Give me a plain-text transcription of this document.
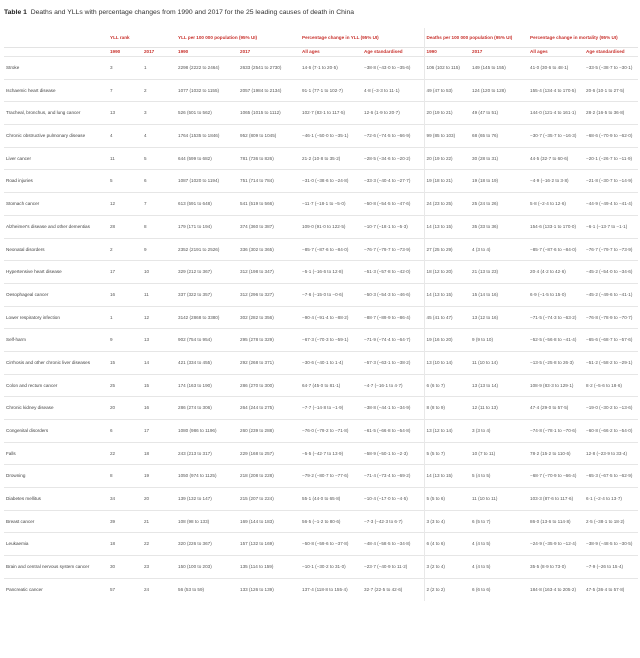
Table 1 Deaths and YLLs with percentage changes from 1990 and 2017 for the 25 leading causes of death in China
	YLL rank		YLL per 100 000 population (95% UI)		Percentage change in YLL (95% UI)		Deaths per 100 000 population (95% UI)		Percentage change in mortality (95% UI)	
	1990	2017	1990	2017	All ages	Age standardised	1990	2017	All ages	Age standardised
Stroke	3	1	2298 (2222 to 2464)	2633 (2541 to 2730)	14·6 (7·1 to 20·5)	−38·8 (−43·0 to −35·6)	106 (102 to 115)	149 (145 to 155)	41·0 (30·6 to 48·1)	−33·5 (−38·7 to −30·1)
Ischaemic heart disease	7	2	1077 (1032 to 1155)	2057 (1984 to 2134)	91·1 (77·1 to 102·7)	4·8 (−3·3 to 11·1)	49 (47 to 53)	124 (120 to 128)	155·4 (134·4 to 170·5)	20·6 (10·1 to 27·5)
Tracheal, bronchus, and lung cancer	13	3	526 (501 to 562)	1065 (1015 to 1112)	102·7 (83·1 to 117·5)	12·6 (1·9 to 20·7)	20 (19 to 21)	49 (47 to 51)	144·0 (121·4 to 161·1)	28·2 (16·5 to 36·8)
Chronic obstructive pulmonary disease	4	4	1764 (1535 to 1846)	952 (809 to 1045)	−46·1 (−50·0 to −35·1)	−72·6 (−74·5 to −66·9)	99 (85 to 103)	68 (65 to 76)	−30·7 (−35·7 to −16·3)	−68·6 (−70·9 to −62·0)
Liver cancer	11	5	644 (599 to 682)	781 (736 to 826)	21·2 (10·8 to 35·2)	−28·5 (−34·6 to −20·2)	20 (19 to 22)	30 (28 to 31)	44·5 (32·7 to 60·6)	−20·1 (−26·7 to −11·9)
Road injuries	5	6	1087 (1020 to 1194)	751 (714 to 784)	−31·0 (−38·6 to −24·8)	−33·3 (−40·4 to −27·7)	19 (18 to 21)	19 (18 to 19)	−4·9 (−16·2 to 3·8)	−21·8 (−30·7 to −14·9)
Stomach cancer	12	7	613 (591 to 648)	541 (519 to 566)	−11·7 (−18·1 to −5·0)	−50·8 (−54·5 to −47·6)	24 (23 to 25)	25 (24 to 26)	5·8 (−2·4 to 12·6)	−44·9 (−49·4 to −41·4)
Alzheimer's disease and other dementias	28	8	179 (171 to 194)	374 (360 to 387)	109·0 (91·0 to 122·5)	−10·7 (−18·1 to −5·3)	14 (13 to 15)	35 (33 to 36)	154·6 (133·1 to 170·0)	−6·1 (−13·7 to −1·1)
Neonatal disorders	2	9	2352 (2191 to 2526)	336 (302 to 365)	−85·7 (−87·6 to −84·0)	−76·7 (−79·7 to −73·9)	27 (25 to 29)	4 (3 to 4)	−85·7 (−87·6 to −84·0)	−76·7 (−79·7 to −73·9)
Hypertensive heart disease	17	10	329 (212 to 367)	312 (198 to 347)	−5·1 (−16·6 to 12·8)	−51·3 (−57·8 to −42·0)	18 (12 to 20)	21 (13 to 23)	20·4 (4·2 to 42·6)	−45·2 (−54·0 to −34·6)
Oesophageal cancer	16	11	337 (322 to 357)	312 (296 to 327)	−7·6 (−15·0 to −0·6)	−50·3 (−54·3 to −46·6)	14 (13 to 15)	15 (14 to 16)	6·9 (−1·5 to 15·0)	−45·2 (−49·6 to −41·1)
Lower respiratory infection	1	12	3142 (2868 to 3380)	302 (282 to 356)	−90·4 (−91·4 to −88·2)	−88·7 (−89·9 to −86·4)	45 (41 to 47)	13 (12 to 16)	−71·5 (−74·3 to −63·2)	−76·8 (−78·9 to −70·7)
Self-harm	9	13	902 (754 to 954)	295 (278 to 329)	−67·3 (−70·3 to −59·1)	−71·9 (−74·4 to −64·7)	19 (16 to 20)	9 (9 to 10)	−52·5 (−56·8 to −41·4)	−65·6 (−68·7 to −57·6)
Cirrhosis and other chronic liver diseases	15	14	421 (334 to 455)	292 (268 to 371)	−30·6 (−40·1 to 1·4)	−57·3 (−63·1 to −38·2)	13 (10 to 14)	11 (10 to 14)	−13·5 (−25·8 to 26·3)	−51·2 (−58·2 to −29·1)
Colon and rectum cancer	25	15	174 (163 to 190)	286 (270 to 300)	64·7 (45·0 to 81·1)	−4·7 (−16·1 to 4·7)	6 (6 to 7)	13 (13 to 14)	108·9 (83·3 to 129·1)	8·2 (−5·6 to 18·6)
Chronic kidney disease	20	16	286 (274 to 306)	264 (244 to 275)	−7·7 (−14·8 to −1·9)	−38·8 (−44·1 to −34·9)	8 (8 to 9)	12 (11 to 13)	47·4 (29·0 to 57·5)	−19·0 (−30·2 to −13·6)
Congenital disorders	6	17	1080 (986 to 1196)	260 (239 to 288)	−76·0 (−79·2 to −71·8)	−61·5 (−66·8 to −54·8)	13 (12 to 14)	3 (3 to 4)	−74·8 (−78·1 to −70·6)	−60·8 (−66·2 to −54·0)
Falls	22	18	243 (213 to 317)	229 (168 to 257)	−5·5 (−42·7 to 13·9)	−58·9 (−50·1 to −2·3)	5 (5 to 7)	10 (7 to 11)	78·2 (15·2 to 110·6)	12·8 (−23·9 to 33·4)
Drowning	8	19	1050 (974 to 1125)	218 (208 to 228)	−79·2 (−80·7 to −77·6)	−71·4 (−73·4 to −69·2)	14 (13 to 15)	5 (4 to 5)	−68·7 (−70·9 to −66·4)	−65·3 (−67·5 to −62·9)
Diabetes mellitus	34	20	139 (132 to 147)	215 (207 to 224)	55·1 (44·0 to 65·8)	−10·4 (−17·0 to −4·5)	5 (5 to 6)	11 (10 to 11)	103·3 (87·6 to 117·6)	6·1 (−2·4 to 13·7)
Breast cancer	39	21	108 (98 to 133)	169 (144 to 183)	56·5 (−1·2 to 80·6)	−7·3 (−42·3 to 6·7)	3 (3 to 4)	6 (5 to 7)	86·0 (13·6 to 114·8)	2·5 (−38·1 to 18·2)
Leukaemia	18	22	320 (226 to 367)	157 (132 to 169)	−50·8 (−59·6 to −37·8)	−48·4 (−58·5 to −34·8)	6 (4 to 6)	4 (4 to 5)	−24·9 (−35·9 to −12·4)	−38·9 (−48·5 to −30·5)
Brain and central nervous system cancer	30	23	150 (100 to 203)	135 (114 to 159)	−10·1 (−30·2 to 31·0)	−23·7 (−40·9 to 11·2)	3 (2 to 4)	4 (4 to 5)	35·5 (8·9 to 73·0)	−7·9 (−26 to 15·4)
Pancreatic cancer	57	24	56 (53 to 59)	133 (126 to 139)	137·4 (118·8 to 155·4)	32·7 (22·5 to 42·6)	2 (2 to 2)	6 (6 to 6)	184·8 (163·4 to 205·2)	47·5 (36·4 to 57·8)
